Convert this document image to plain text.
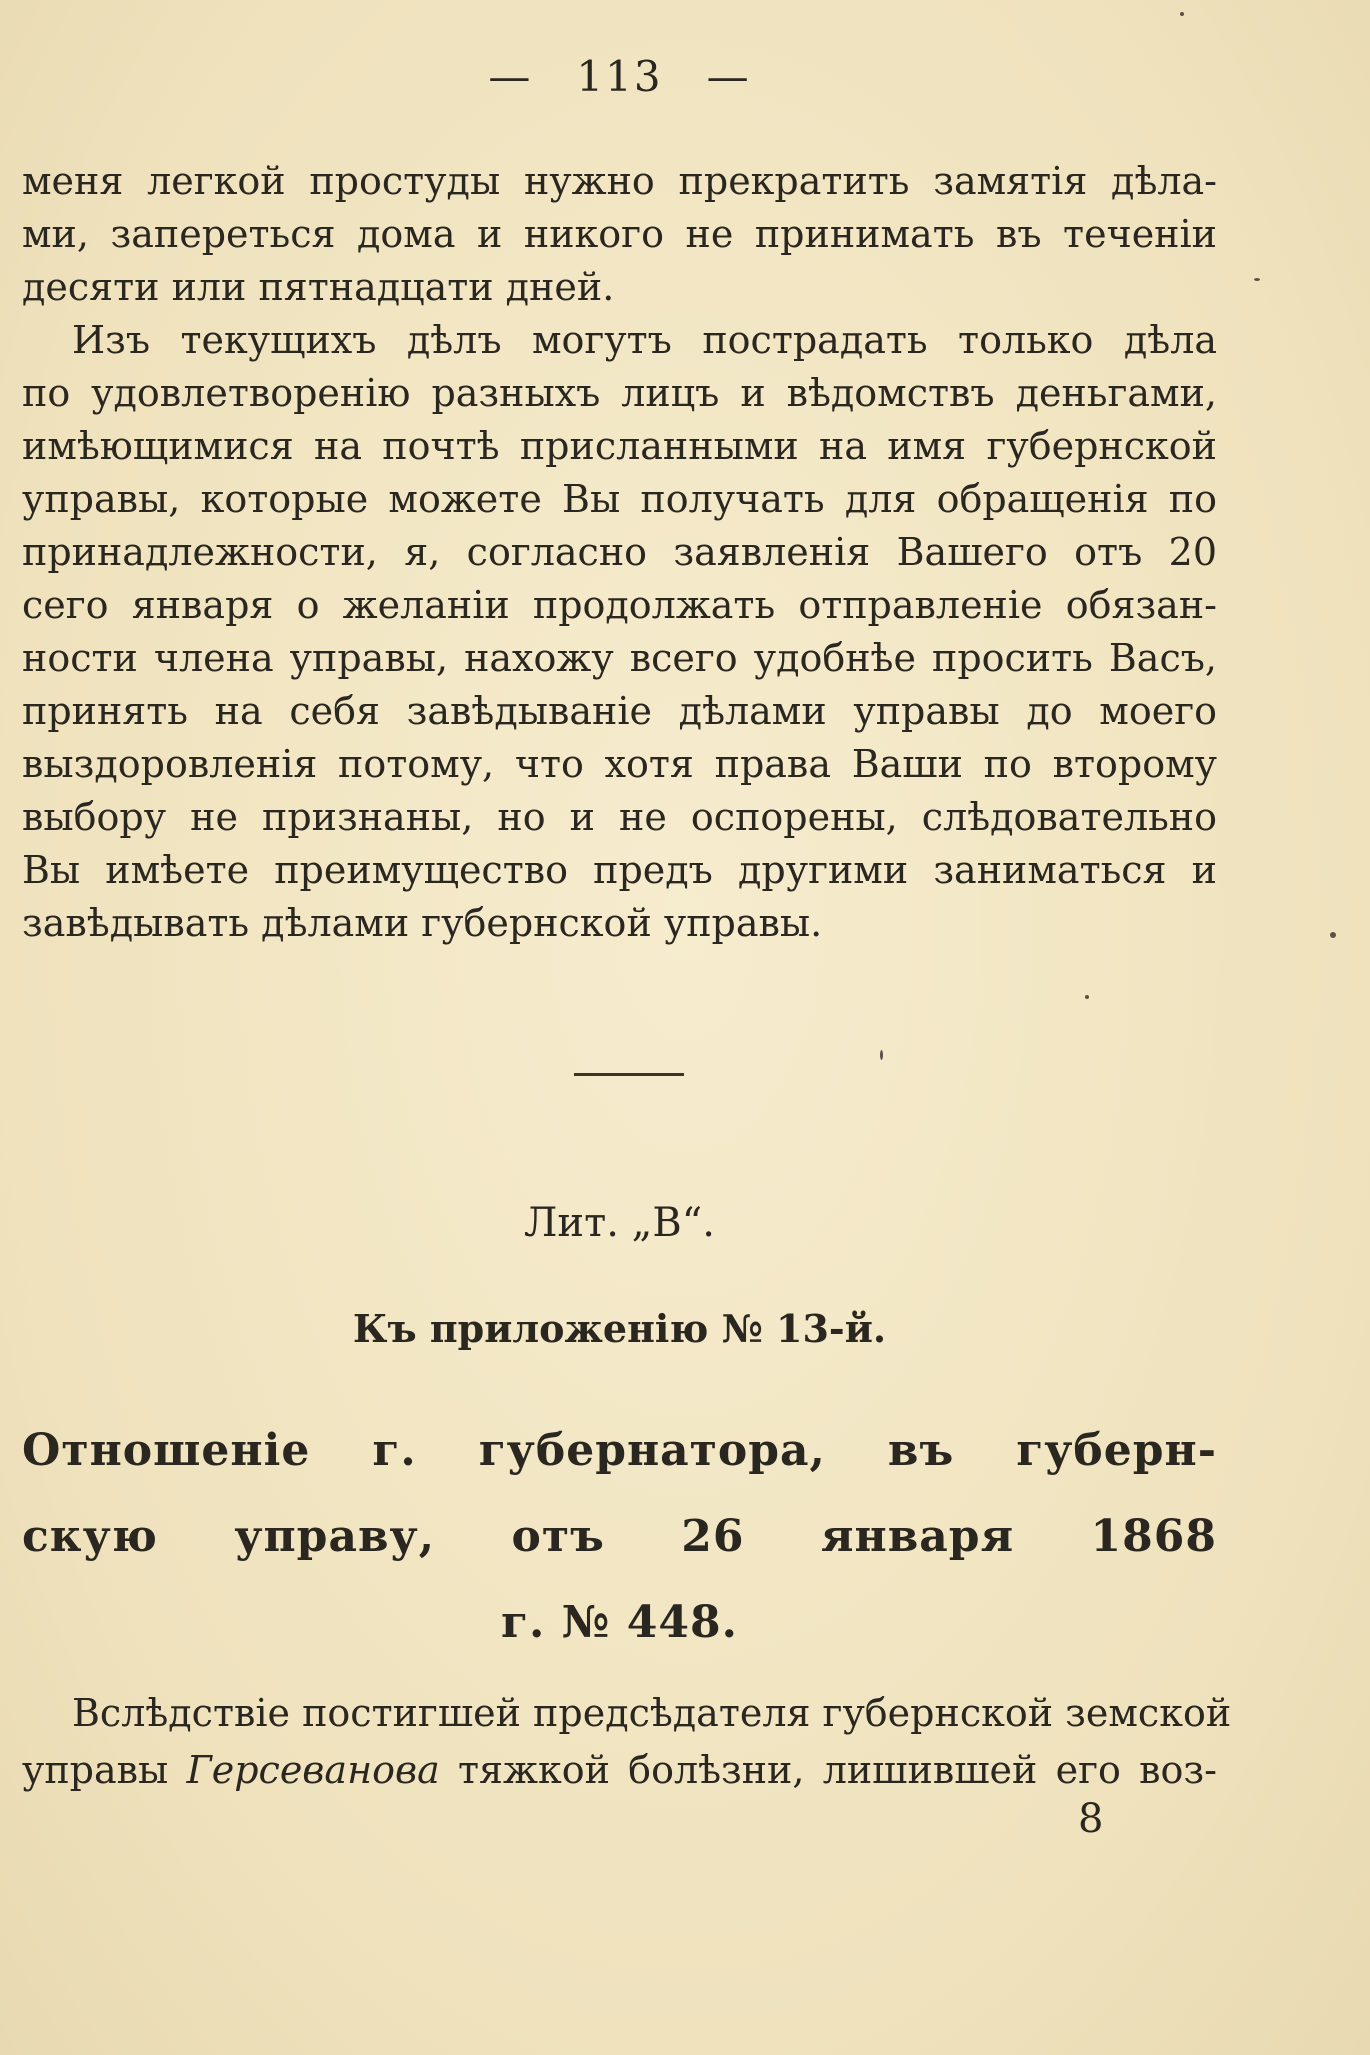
— 113 —
меня легкой простуды нужно прекратить замятія дѣла-
ми, запереться дома и никого не принимать въ теченіи
десяти или пятнадцати дней.
Изъ текущихъ дѣлъ могутъ пострадать только дѣла
по удовлетворенію разныхъ лицъ и вѣдомствъ деньгами,
имѣющимися на почтѣ присланными на имя губернской
управы, которые можете Вы получать для обращенія по
принадлежности, я, согласно заявленія Вашего отъ 20
сего января о желаніи продолжать отправленіе обязан-
ности члена управы, нахожу всего удобнѣе просить Васъ,
принять на себя завѣдываніе дѣлами управы до моего
выздоровленія потому, что хотя права Ваши по второму
выбору не признаны, но и не оспорены, слѣдовательно
Вы имѣете преимущество предъ другими заниматься и
завѣдывать дѣлами губернской управы.
Лит. „В“.
Къ приложенію № 13-й.
Отношеніе г. губернатора, въ губерн-
скую управу, отъ 26 января 1868
г. № 448.
Вслѣдствіе постигшей предсѣдателя губернской земской
управы Герсеванова тяжкой болѣзни, лишившей его воз-
8
